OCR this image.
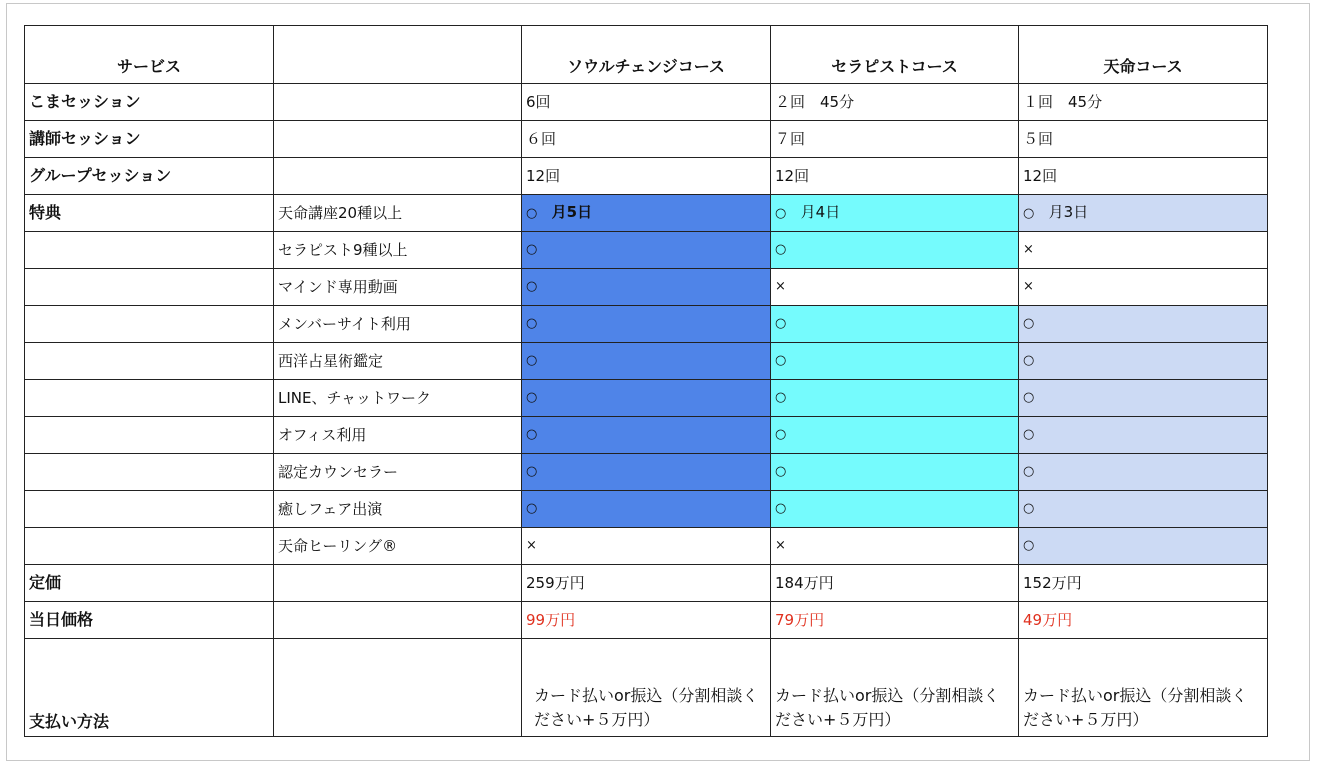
サービス		ソウルチェンジコース	セラピストコース	天命コース
こまセッション		6回	２回　45分	１回　45分
講師セッション		６回	７回	５回
グループセッション		12回	12回	12回
特典	天命講座20種以上	○ 月5日	○ 月4日	○ 月3日
	セラピスト9種以上	○	○	×
	マインド専用動画	○	×	×
	メンバーサイト利用	○	○	○
	西洋占星術鑑定	○	○	○
	LINE、チャットワーク	○	○	○
	オフィス利用	○	○	○
	認定カウンセラー	○	○	○
	癒しフェア出演	○	○	○
	天命ヒーリング®	×	×	○
定価		259万円	184万円	152万円
当日価格		99万円	79万円	49万円
支払い方法		カード払いor振込（分割相談ください+５万円）	カード払いor振込（分割相談ください+５万円）	カード払いor振込（分割相談ください+５万円）
